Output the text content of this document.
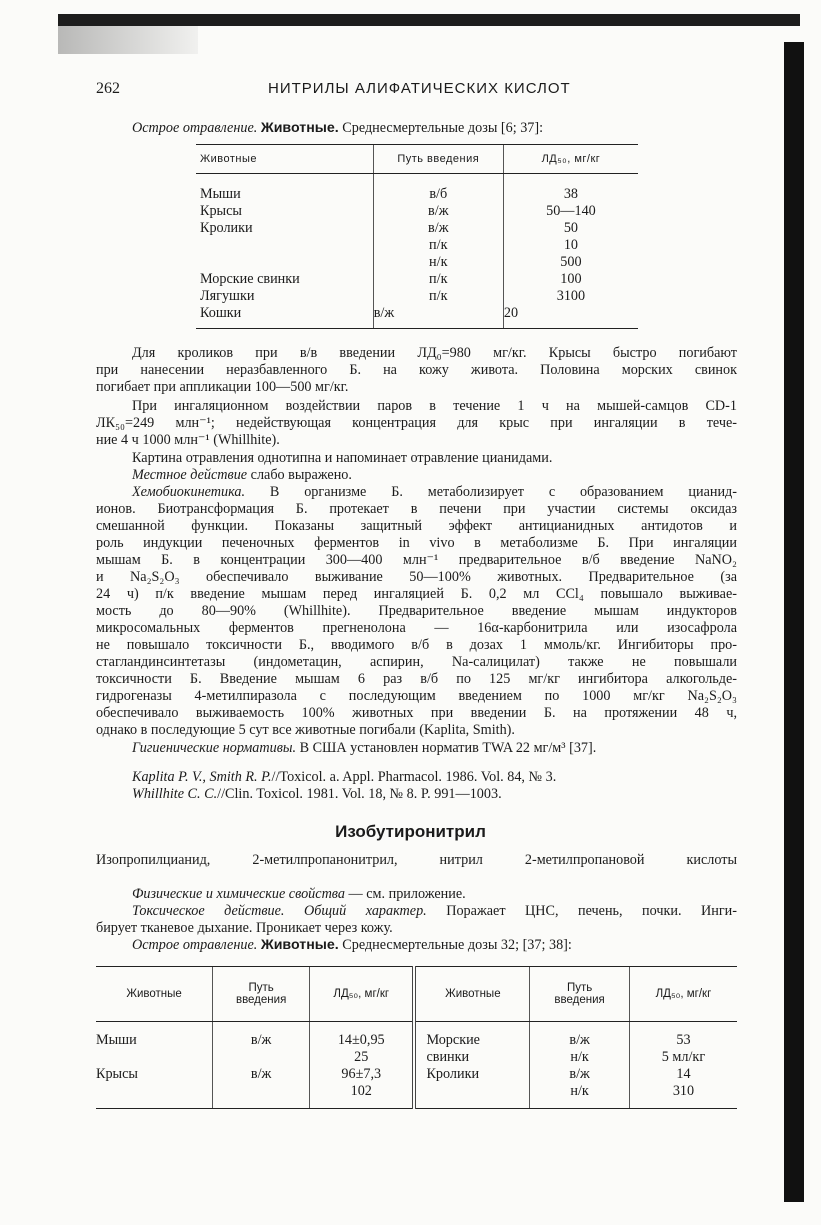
262	НИТРИЛЫ АЛИФАТИЧЕСКИХ КИСЛОТ
Острое отравление. Животные. Среднесмертельные дозы [6; 37]:
Животные	Путь введения	ЛД₅₀, мг/кг

Мыши	в/б	38
Крысы	в/ж	50—140
Кролики	в/ж	50
	п/к	10
	н/к	500
Морские свинки	п/к	100
Лягушки	п/к	3100
Кошки	в/ж	20
Для кроликов при в/в введении ЛД₀=980 мг/кг. Крысы быстро погибают
при нанесении неразбавленного Б. на кожу живота. Половина морских свинок
погибает при аппликации 100—500 мг/кг.
При ингаляционном воздействии паров в течение 1 ч на мышей-самцов CD-1
ЛК₅₀=249 млн⁻¹; недействующая концентрация для крыс при ингаляции в тече-
ние 4 ч 1000 млн⁻¹ (Whillhite).
Картина отравления однотипна и напоминает отравление цианидами.
Местное действие слабо выражено.
Хемобиокинетика. В организме Б. метаболизирует с образованием цианид-
ионов. Биотрансформация Б. протекает в печени при участии системы оксидаз
смешанной функции. Показаны защитный эффект антицианидных антидотов и
роль индукции печеночных ферментов in vivo в метаболизме Б. При ингаляции
мышам Б. в концентрации 300—400 млн⁻¹ предварительное в/б введение NaNO₂
и Na₂S₂O₃ обеспечивало выживание 50—100% животных. Предварительное (за
24 ч) п/к введение мышам перед ингаляцией Б. 0,2 мл CCl₄ повышало выживае-
мость до 80—90% (Whillhite). Предварительное введение мышам индукторов
микросомальных ферментов прегненолона — 16α-карбонитрила или изосафрола
не повышало токсичности Б., вводимого в/б в дозах 1 ммоль/кг. Ингибиторы про-
стагландинсинтетазы (индометацин, аспирин, Na-салицилат) также не повышали
токсичности Б. Введение мышам 6 раз в/б по 125 мг/кг ингибитора алкогольде-
гидрогеназы 4-метилпиразола с последующим введением по 1000 мг/кг Na₂S₂O₃
обеспечивало выживаемость 100% животных при введении Б. на протяжении 48 ч,
однако в последующие 5 сут все животные погибали (Kaplita, Smith).
Гигиенические нормативы. В США установлен норматив TWA 22 мг/м³ [37].
Kaplita P. V., Smith R. P.//Toxicol. a. Appl. Pharmacol. 1986. Vol. 84, № 3.
Whillhite C. C.//Clin. Toxicol. 1981. Vol. 18, № 8. P. 991—1003.
Изобутиронитрил
Изопропилцианид, 2-метилпропанонитрил, нитрил 2-метилпропановой кислоты
Физические и химические свойства — см. приложение.
Токсическое действие. Общий характер. Поражает ЦНС, печень, почки. Инги-
бирует тканевое дыхание. Проникает через кожу.
Острое отравление. Животные. Среднесмертельные дозы 32; [37; 38]:
Животные	Путь введения	ЛД₅₀, мг/кг	Животные	Путь введения	ЛД₅₀, мг/кг

Мыши	в/ж	14±0,95	Морские	в/ж	53
		25	свинки	н/к	5 мл/кг
Крысы	в/ж	96±7,3	Кролики	в/ж	14
		102		н/к	310
